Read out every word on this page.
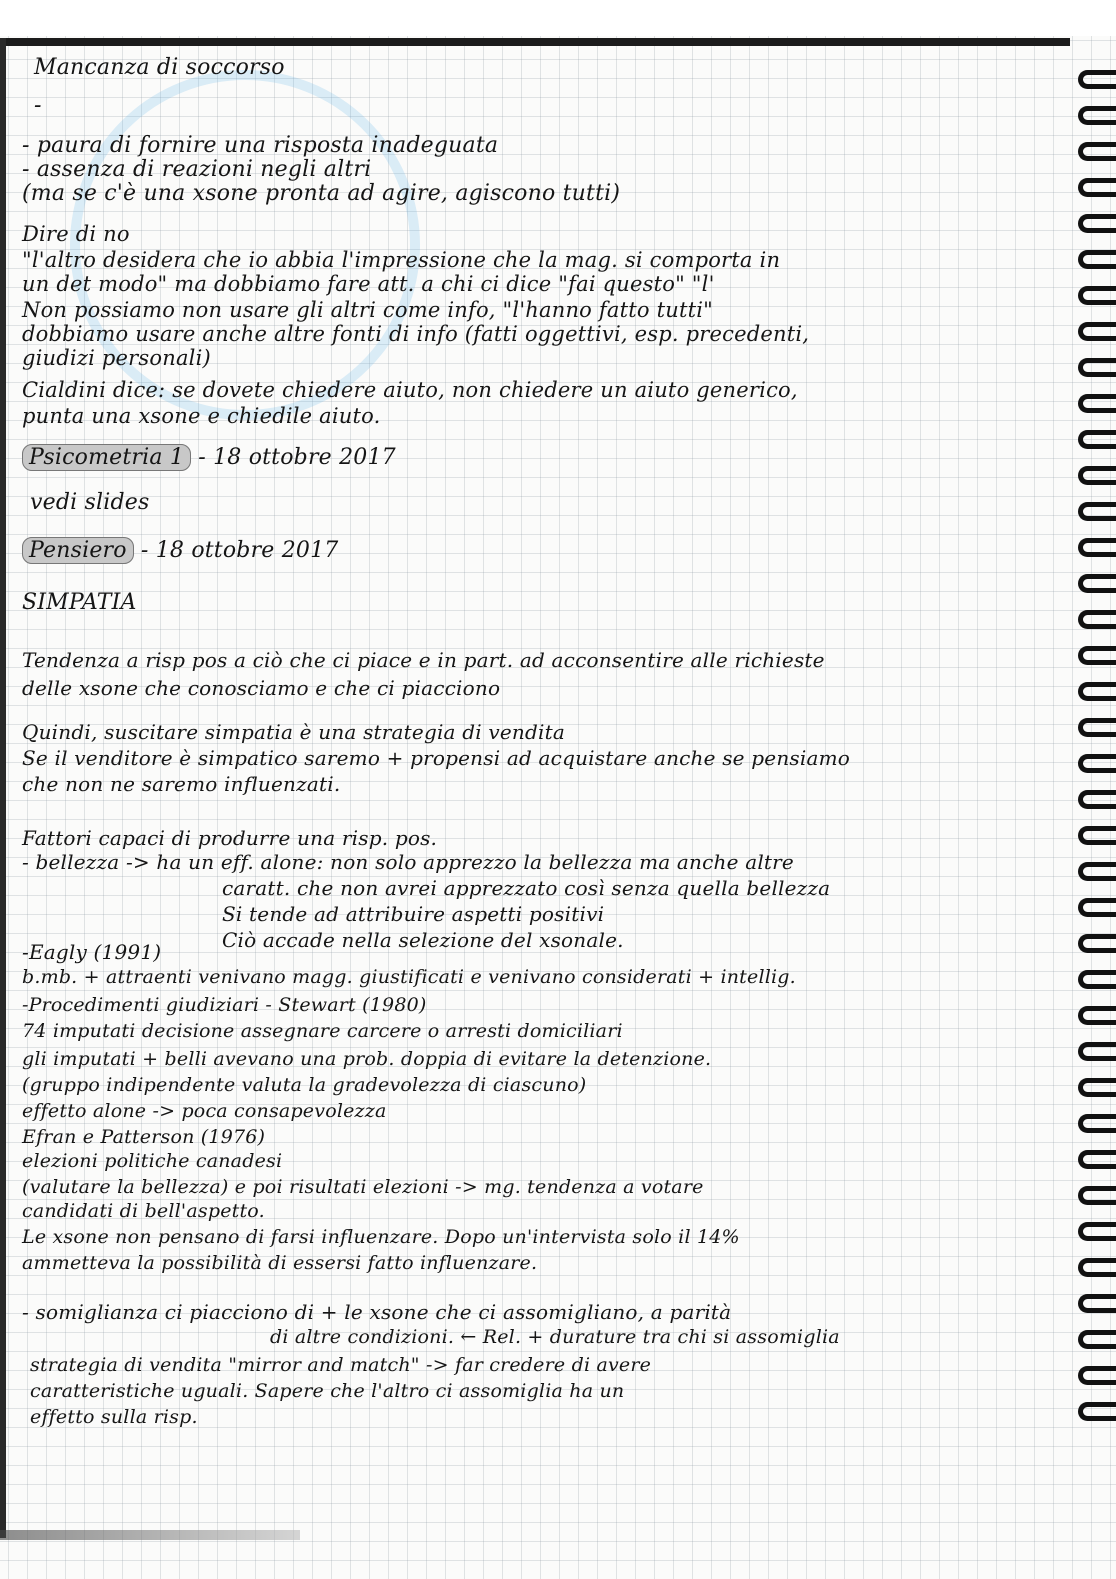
Mancanza di soccorso
-
- paura di fornire una risposta inadeguata
- assenza di reazioni negli altri
(ma se c'è una xsone pronta ad agire, agiscono tutti)
Dire di no
"l'altro desidera che io abbia l'impressione che la mag. si comporta in
un det modo" ma dobbiamo fare att. a chi ci dice "fai questo" "l'
Non possiamo non usare gli altri come info, "l'hanno fatto tutti"
dobbiamo usare anche altre fonti di info (fatti oggettivi, esp. precedenti,
giudizi personali)
Cialdini dice: se dovete chiedere aiuto, non chiedere un aiuto generico,
punta una xsone e chiedile aiuto.
Psicometria 1 - 18 ottobre 2017
vedi slides
Pensiero - 18 ottobre 2017
SIMPATIA
Tendenza a risp pos a ciò che ci piace e in part. ad acconsentire alle richieste
delle xsone che conosciamo e che ci piacciono
Quindi, suscitare simpatia è una strategia di vendita
Se il venditore è simpatico saremo + propensi ad acquistare anche se pensiamo
che non ne saremo influenzati.
Fattori capaci di produrre una risp. pos.
- bellezza -> ha un eff. alone: non solo apprezzo la bellezza ma anche altre
caratt. che non avrei apprezzato così senza quella bellezza
Si tende ad attribuire aspetti positivi
Ciò accade nella selezione del xsonale.
-Eagly (1991)
b.mb. + attraenti venivano magg. giustificati e venivano considerati + intellig.
-Procedimenti giudiziari - Stewart (1980)
74 imputati decisione assegnare carcere o arresti domiciliari
gli imputati + belli avevano una prob. doppia di evitare la detenzione.
(gruppo indipendente valuta la gradevolezza di ciascuno)
effetto alone -> poca consapevolezza
Efran e Patterson (1976)
elezioni politiche canadesi
(valutare la bellezza) e poi risultati elezioni -> mg. tendenza a votare
candidati di bell'aspetto.
Le xsone non pensano di farsi influenzare. Dopo un'intervista solo il 14%
ammetteva la possibilità di essersi fatto influenzare.
- somiglianza ci piacciono di + le xsone che ci assomigliano, a parità
di altre condizioni. ← Rel. + durature tra chi si assomiglia
strategia di vendita "mirror and match" -> far credere di avere
caratteristiche uguali. Sapere che l'altro ci assomiglia ha un
effetto sulla risp.
